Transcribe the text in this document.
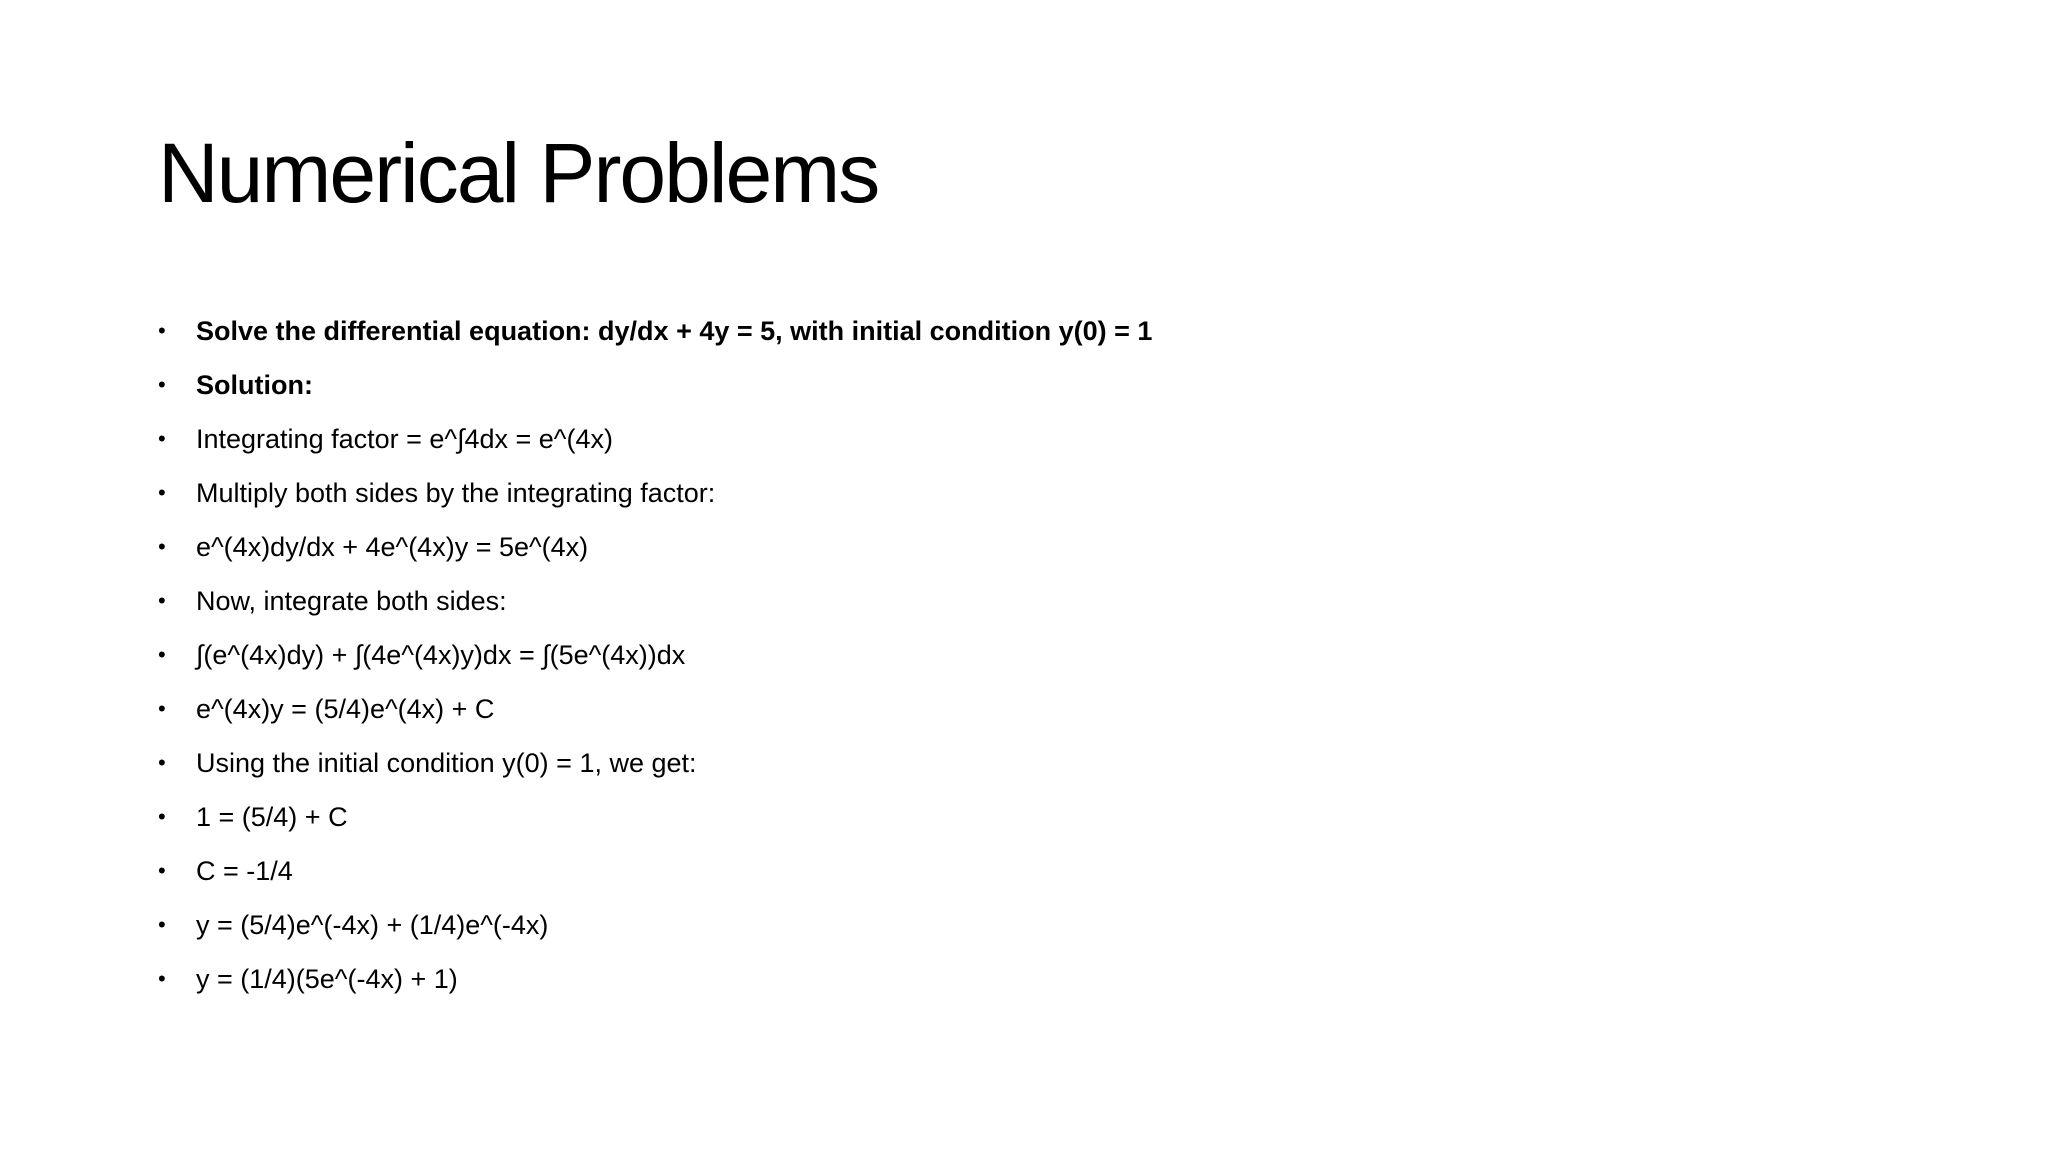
Numerical Problems
•	Solve the differential equation: dy/dx + 4y = 5, with initial condition y(0) = 1
•	Solution:
•	Integrating factor = e^∫4dx = e^(4x)
•	Multiply both sides by the integrating factor:
•	e^(4x)dy/dx + 4e^(4x)y = 5e^(4x)
•	Now, integrate both sides:
•	∫(e^(4x)dy) + ∫(4e^(4x)y)dx = ∫(5e^(4x))dx
•	e^(4x)y = (5/4)e^(4x) + C
•	Using the initial condition y(0) = 1, we get:
•	1 = (5/4) + C
•	C = -1/4
•	y = (5/4)e^(-4x) + (1/4)e^(-4x)
•	y = (1/4)(5e^(-4x) + 1)
